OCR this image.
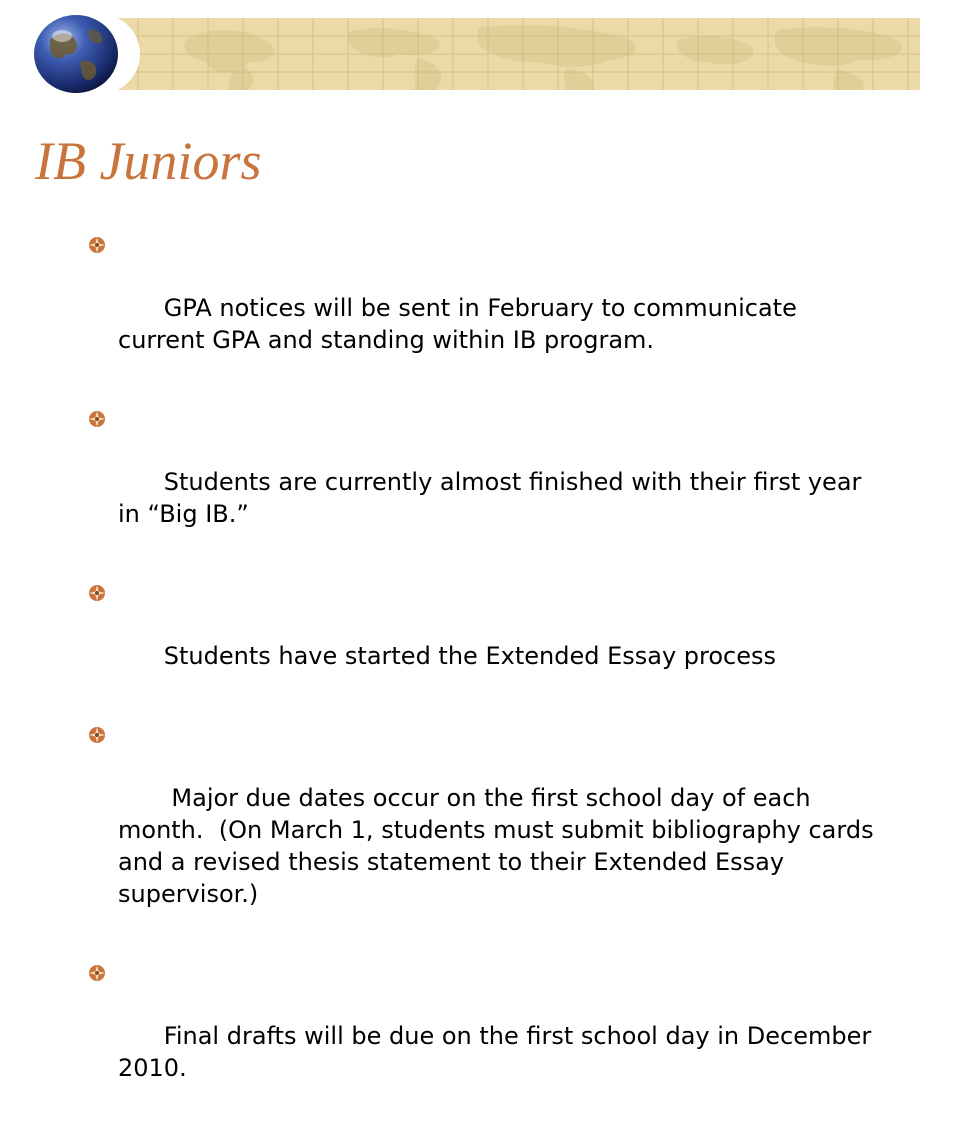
IB Juniors

GPA notices will be sent in February to communicate current GPA and standing within IB program.

Students are currently almost finished with their first year in “Big IB.”

Students have started the Extended Essay process

Major due dates occur on the first school day of each month.  (On March 1, students must submit bibliography cards and a revised thesis statement to their Extended Essay supervisor.)

Final drafts will be due on the first school day in December 2010.
